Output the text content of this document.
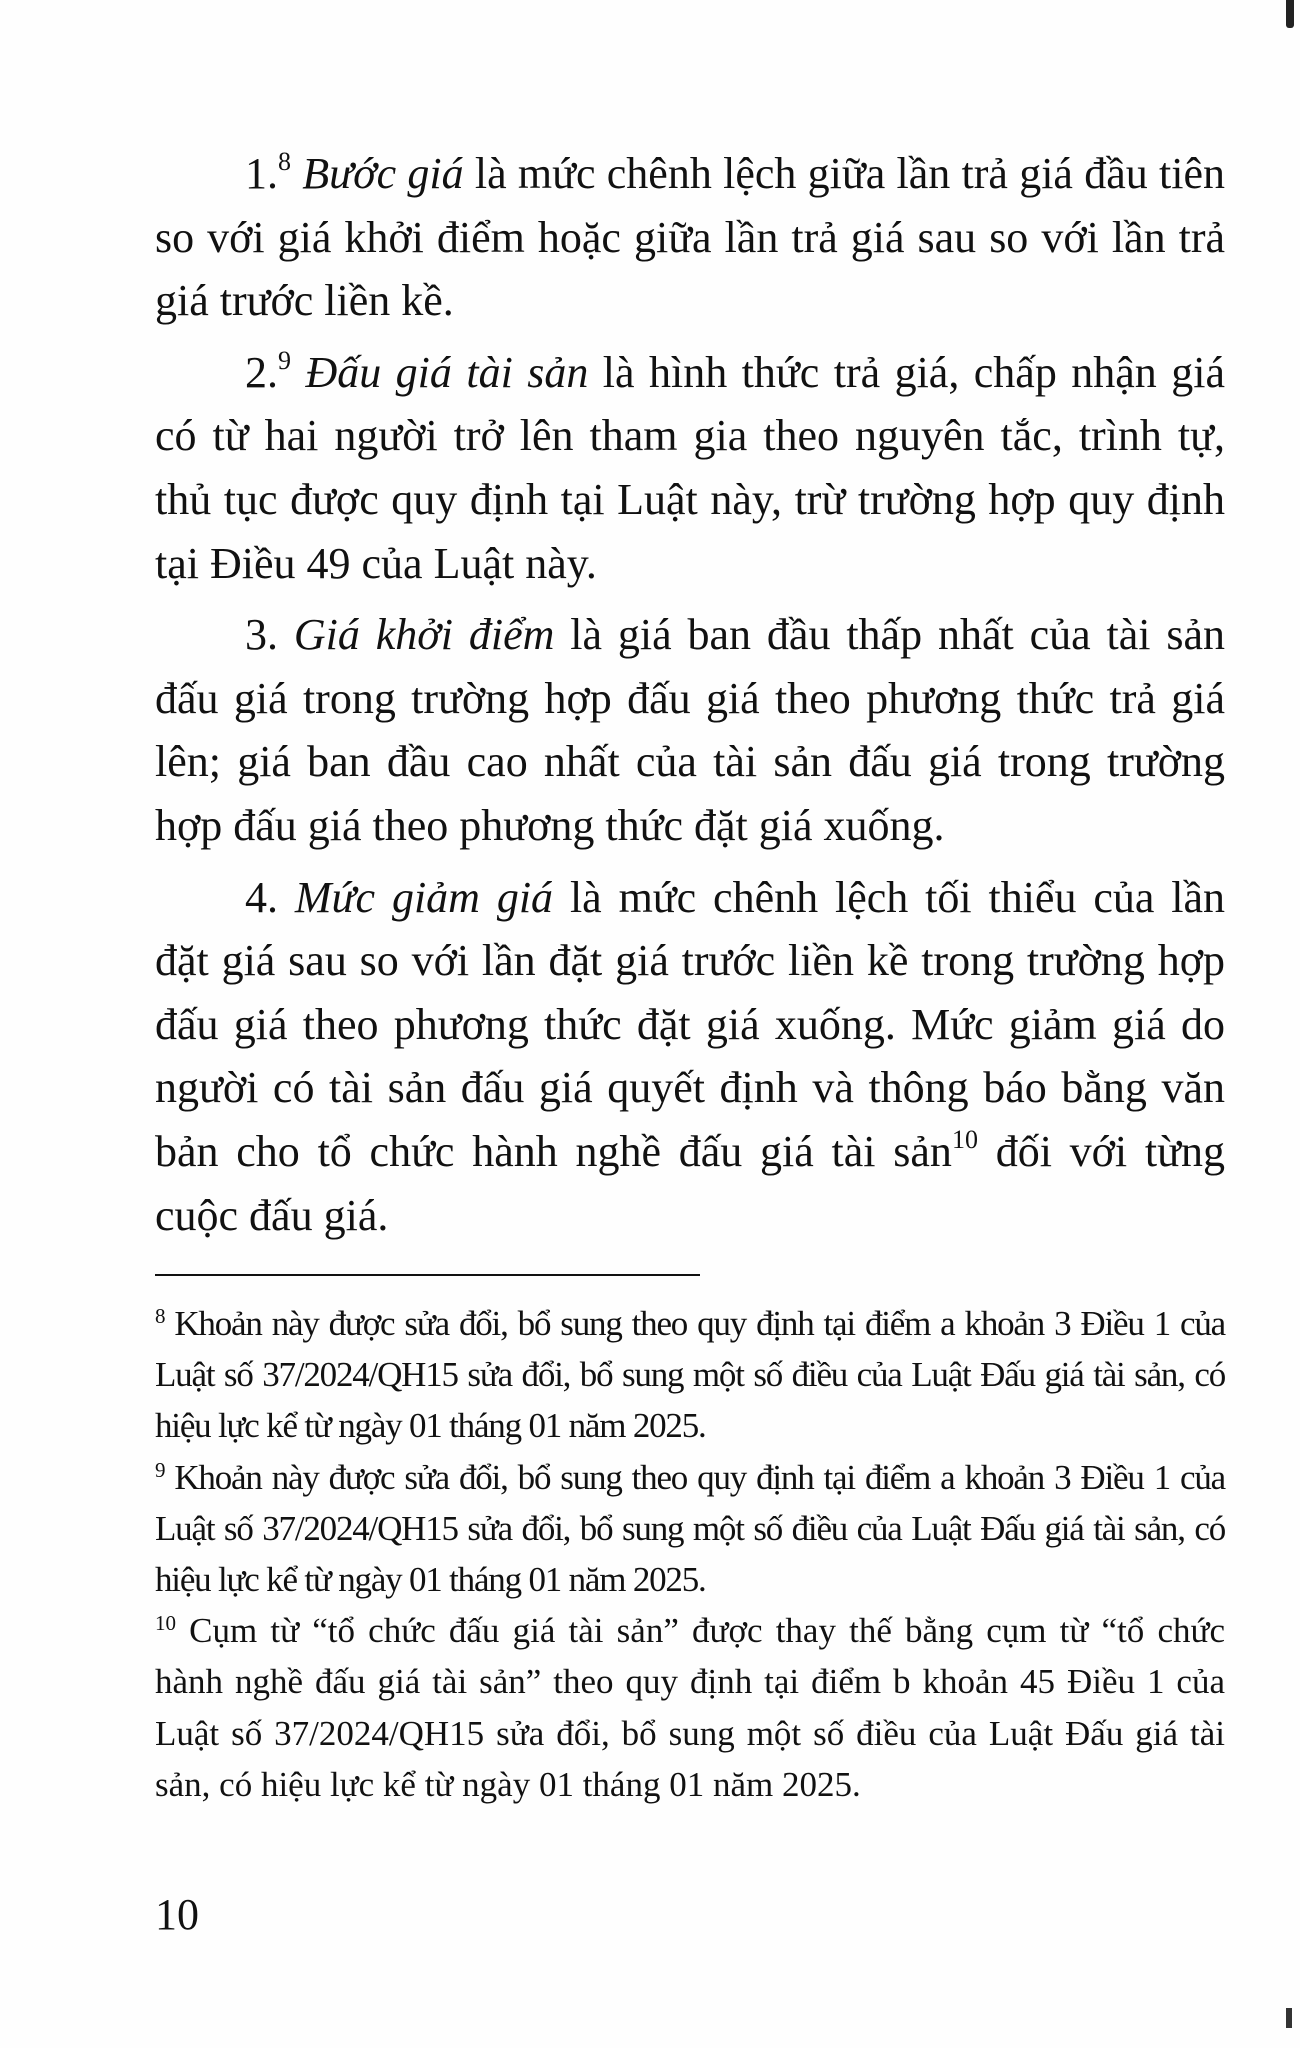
1.$^8$ Bước giá là mức chênh lệch giữa lần trả giá đầu tiên so với giá khởi điểm hoặc giữa lần trả giá sau so với lần trả giá trước liền kề.

2.$^9$ Đấu giá tài sản là hình thức trả giá, chấp nhận giá có từ hai người trở lên tham gia theo nguyên tắc, trình tự, thủ tục được quy định tại Luật này, trừ trường hợp quy định tại Điều 49 của Luật này.

3. Giá khởi điểm là giá ban đầu thấp nhất của tài sản đấu giá trong trường hợp đấu giá theo phương thức trả giá lên; giá ban đầu cao nhất của tài sản đấu giá trong trường hợp đấu giá theo phương thức đặt giá xuống.

4. Mức giảm giá là mức chênh lệch tối thiểu của lần đặt giá sau so với lần đặt giá trước liền kề trong trường hợp đấu giá theo phương thức đặt giá xuống. Mức giảm giá do người có tài sản đấu giá quyết định và thông báo bằng văn bản cho tổ chức hành nghề đấu giá tài sản$^{10}$ đối với từng cuộc đấu giá.

$^8$ Khoản này được sửa đổi, bổ sung theo quy định tại điểm a khoản 3 Điều 1 của Luật số 37/2024/QH15 sửa đổi, bổ sung một số điều của Luật Đấu giá tài sản, có hiệu lực kể từ ngày 01 tháng 01 năm 2025.

$^9$ Khoản này được sửa đổi, bổ sung theo quy định tại điểm a khoản 3 Điều 1 của Luật số 37/2024/QH15 sửa đổi, bổ sung một số điều của Luật Đấu giá tài sản, có hiệu lực kể từ ngày 01 tháng 01 năm 2025.

$^{10}$ Cụm từ “tổ chức đấu giá tài sản” được thay thế bằng cụm từ “tổ chức hành nghề đấu giá tài sản” theo quy định tại điểm b khoản 45 Điều 1 của Luật số 37/2024/QH15 sửa đổi, bổ sung một số điều của Luật Đấu giá tài sản, có hiệu lực kể từ ngày 01 tháng 01 năm 2025.

10
